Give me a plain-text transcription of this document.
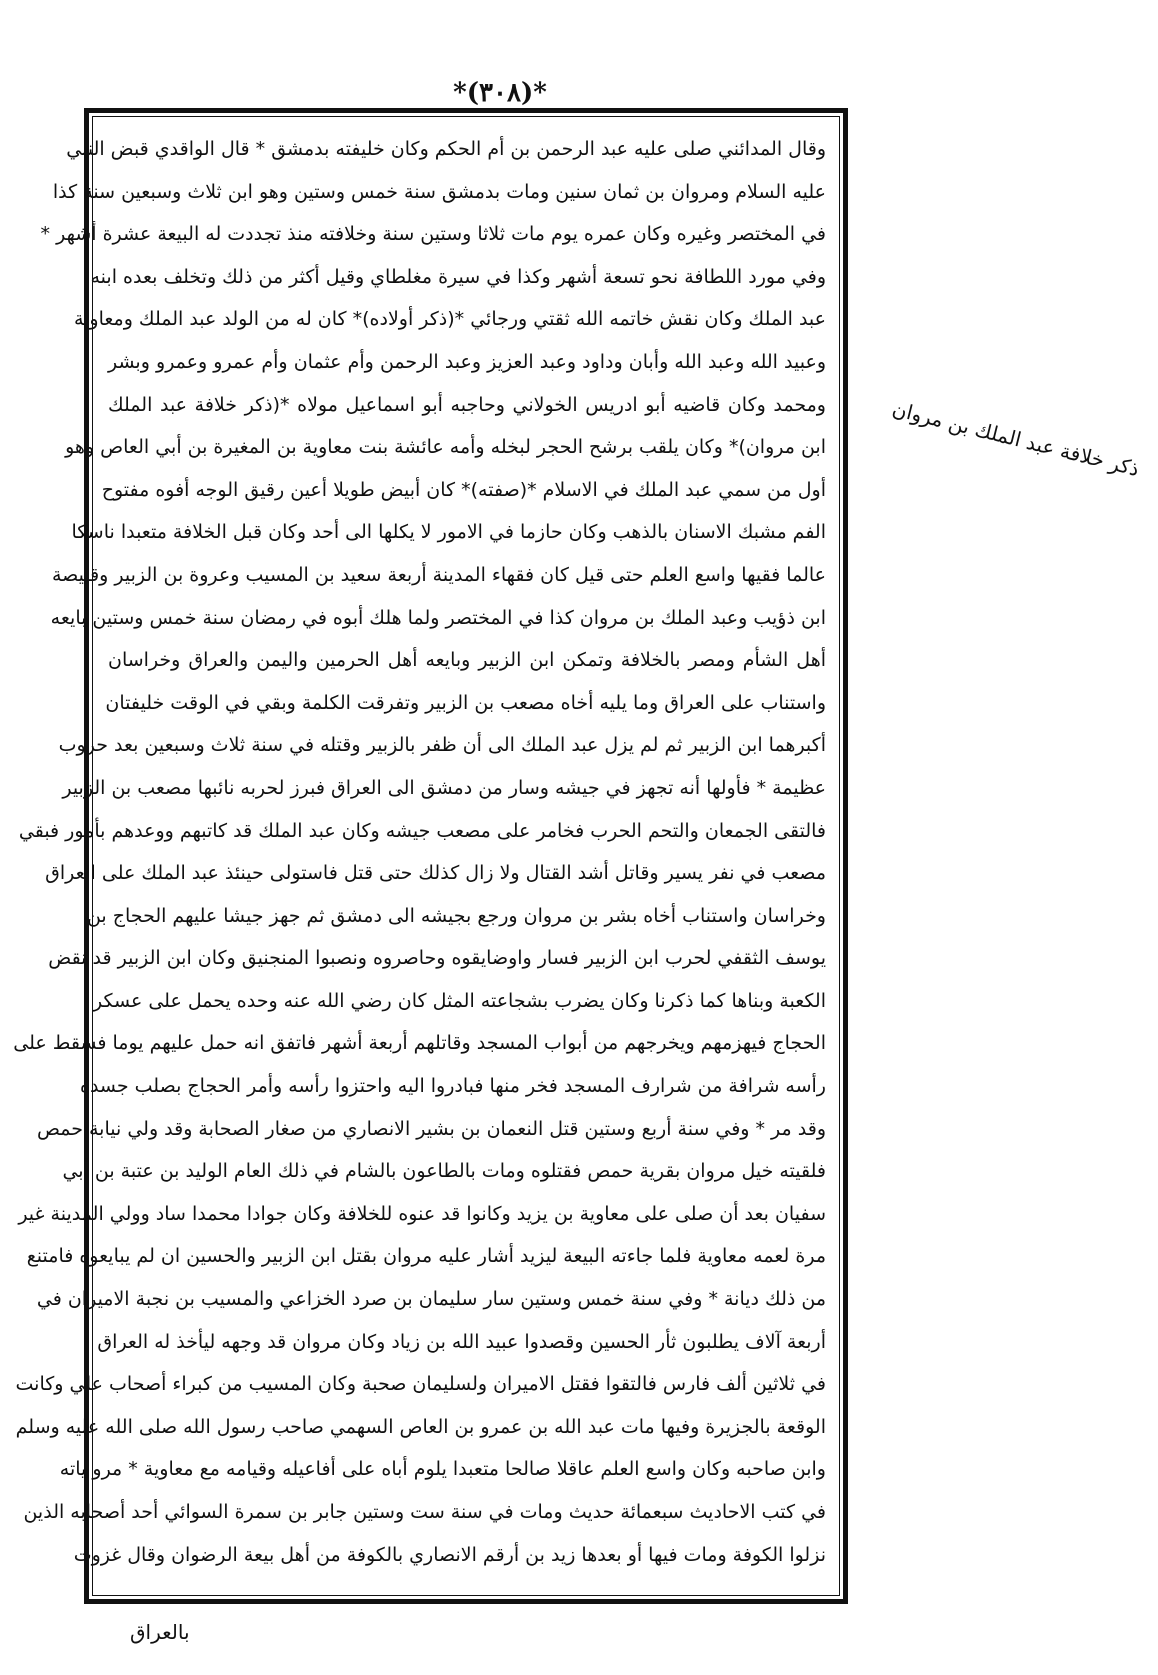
*(٣٠٨)*
وقال المدائني صلى عليه عبد الرحمن بن أم الحكم وكان خليفته بدمشق * قال الواقدي قبض النبي
عليه السلام ومروان بن ثمان سنين ومات بدمشق سنة خمس وستين وهو ابن ثلاث وسبعين سنة كذا
في المختصر وغيره وكان عمره يوم مات ثلاثا وستين سنة وخلافته منذ تجددت له البيعة عشرة أشهر *
وفي مورد اللطافة نحو تسعة أشهر وكذا في سيرة مغلطاي وقيل أكثر من ذلك وتخلف بعده ابنه
عبد الملك وكان نقش خاتمه الله ثقتي ورجائي *(ذكر أولاده)* كان له من الولد عبد الملك ومعاوية
وعبيد الله وعبد الله وأبان وداود وعبد العزيز وعبد الرحمن وأم عثمان وأم عمرو وعمرو وبشر
ومحمد وكان قاضيه أبو ادريس الخولاني وحاجبه أبو اسماعيل مولاه *(ذكر خلافة عبد الملك
ابن مروان)* وكان يلقب برشح الحجر لبخله وأمه عائشة بنت معاوية بن المغيرة بن أبي العاص وهو
أول من سمي عبد الملك في الاسلام *(صفته)* كان أبيض طويلا أعين رقيق الوجه أفوه مفتوح
الفم مشبك الاسنان بالذهب وكان حازما في الامور لا يكلها الى أحد وكان قبل الخلافة متعبدا ناسكا
عالما فقيها واسع العلم حتى قيل كان فقهاء المدينة أربعة سعيد بن المسيب وعروة بن الزبير وقبيصة
ابن ذؤيب وعبد الملك بن مروان كذا في المختصر ولما هلك أبوه في رمضان سنة خمس وستين بايعه
أهل الشأم ومصر بالخلافة وتمكن ابن الزبير وبايعه أهل الحرمين واليمن والعراق وخراسان
واستناب على العراق وما يليه أخاه مصعب بن الزبير وتفرقت الكلمة وبقي في الوقت خليفتان
أكبرهما ابن الزبير ثم لم يزل عبد الملك الى أن ظفر بالزبير وقتله في سنة ثلاث وسبعين بعد حروب
عظيمة * فأولها أنه تجهز في جيشه وسار من دمشق الى العراق فبرز لحربه نائبها مصعب بن الزبير
فالتقى الجمعان والتحم الحرب فخامر على مصعب جيشه وكان عبد الملك قد كاتبهم ووعدهم بأمور فبقي
مصعب في نفر يسير وقاتل أشد القتال ولا زال كذلك حتى قتل فاستولى حينئذ عبد الملك على العراق
وخراسان واستناب أخاه بشر بن مروان ورجع بجيشه الى دمشق ثم جهز جيشا عليهم الحجاج بن
يوسف الثقفي لحرب ابن الزبير فسار واوضايقوه وحاصروه ونصبوا المنجنيق وكان ابن الزبير قد نقض
الكعبة وبناها كما ذكرنا وكان يضرب بشجاعته المثل كان رضي الله عنه وحده يحمل على عسكر
الحجاج فيهزمهم ويخرجهم من أبواب المسجد وقاتلهم أربعة أشهر فاتفق انه حمل عليهم يوما فسقط على
رأسه شرافة من شرارف المسجد فخر منها فبادروا اليه واحتزوا رأسه وأمر الحجاج بصلب جسده
وقد مر * وفي سنة أربع وستين قتل النعمان بن بشير الانصاري من صغار الصحابة وقد ولي نيابة حمص
فلقيته خيل مروان بقرية حمص فقتلوه ومات بالطاعون بالشام في ذلك العام الوليد بن عتبة بن أبي
سفيان بعد أن صلى على معاوية بن يزيد وكانوا قد عنوه للخلافة وكان جوادا محمدا ساد وولي المدينة غير
مرة لعمه معاوية فلما جاءته البيعة ليزيد أشار عليه مروان بقتل ابن الزبير والحسين ان لم يبايعوه فامتنع
من ذلك ديانة * وفي سنة خمس وستين سار سليمان بن صرد الخزاعي والمسيب بن نجبة الاميران في
أربعة آلاف يطلبون ثأر الحسين وقصدوا عبيد الله بن زياد وكان مروان قد وجهه ليأخذ له العراق
في ثلاثين ألف فارس فالتقوا فقتل الاميران ولسليمان صحبة وكان المسيب من كبراء أصحاب علي وكانت
الوقعة بالجزيرة وفيها مات عبد الله بن عمرو بن العاص السهمي صاحب رسول الله صلى الله عليه وسلم
وابن صاحبه وكان واسع العلم عاقلا صالحا متعبدا يلوم أباه على أفاعيله وقيامه مع معاوية * مرو ياته
في كتب الاحاديث سبعمائة حديث ومات في سنة ست وستين جابر بن سمرة السوائي أحد أصحابه الذين
نزلوا الكوفة ومات فيها أو بعدها زيد بن أرقم الانصاري بالكوفة من أهل بيعة الرضوان وقال غزوت
ذكر خلافة عبد الملك بن مروان
بالعراق
